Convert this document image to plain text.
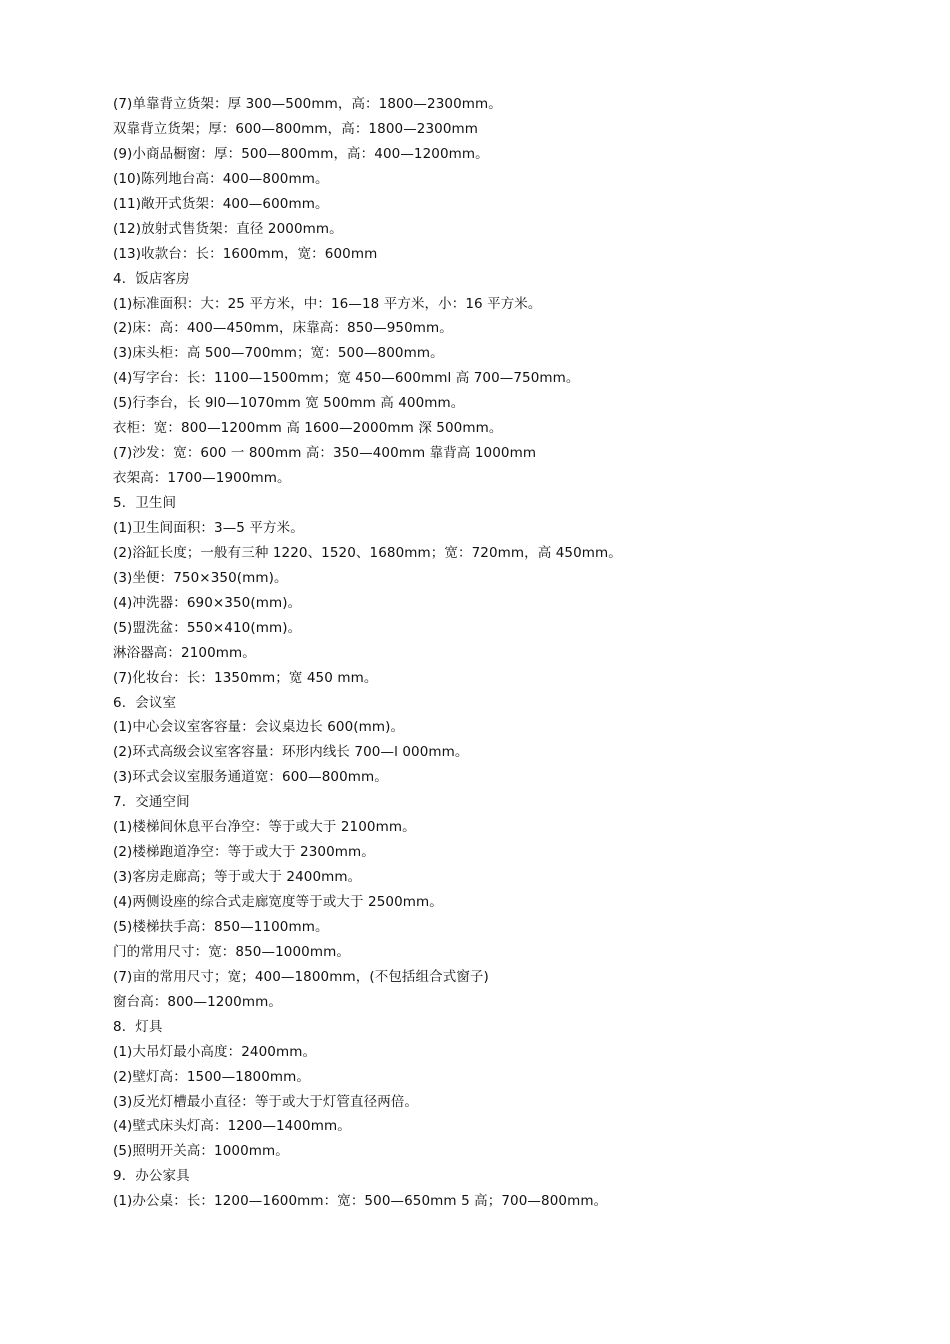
(7)单靠背立货架：厚 300—500mm，高：1800—2300mm。
双靠背立货架；厚：600—800mm，高：1800—2300mm
(9)小商品橱窗：厚：500—800mm，高：400—1200mm。
(10)陈列地台高：400—800mm。
(11)敞开式货架：400—600mm。
(12)放射式售货架：直径 2000mm。
(13)收款台：长：1600mm，宽：600mm
4．饭店客房
(1)标准面积：大：25 平方米，中：16—18 平方米，小：16 平方米。
(2)床：高：400—450mm，床靠高：850—950mm。
(3)床头柜：高 500—700mm；宽：500—800mm。
(4)写字台：长：1100—1500mm；宽 450—600mml 高 700—750mm。
(5)行李台，长 9l0—1070mm 宽 500mm 高 400mm。
衣柜：宽：800—1200mm 高 1600—2000mm 深 500mm。
(7)沙发：宽：600 一 800mm 高：350—400mm 靠背高 1000mm
衣架高：1700—1900mm。
5．卫生间
(1)卫生间面积：3—5 平方米。
(2)浴缸长度；一般有三种 1220、1520、1680mm；宽：720mm，高 450mm。
(3)坐便：750×350(mm)。
(4)冲洗器：690×350(mm)。
(5)盟洗盆：550×410(mm)。
淋浴器高：2100mm。
(7)化妆台：长：1350mm；宽 450 mm。
6．会议室
(1)中心会议室客容量：会议桌边长 600(mm)。
(2)环式高级会议室客容量：环形内线长 700—l 000mm。
(3)环式会议室服务通道宽：600—800mm。
7．交通空间
(1)楼梯间休息平台净空：等于或大于 2100mm。
(2)楼梯跑道净空：等于或大于 2300mm。
(3)客房走廊高；等于或大于 2400mm。
(4)两侧设座的综合式走廊宽度等于或大于 2500mm。
(5)楼梯扶手高：850—1100mm。
门的常用尺寸：宽：850—1000mm。
(7)亩的常用尺寸；宽；400—1800mm，(不包括组合式窗子)
窗台高：800—1200mm。
8．灯具
(1)大吊灯最小高度：2400mm。
(2)壁灯高：1500—1800mm。
(3)反光灯槽最小直径：等于或大于灯管直径两倍。
(4)壁式床头灯高：1200—1400mm。
(5)照明开关高：1000mm。
9．办公家具
(1)办公桌：长：1200—1600mm：宽：500—650mm 5 高；700—800mm。
